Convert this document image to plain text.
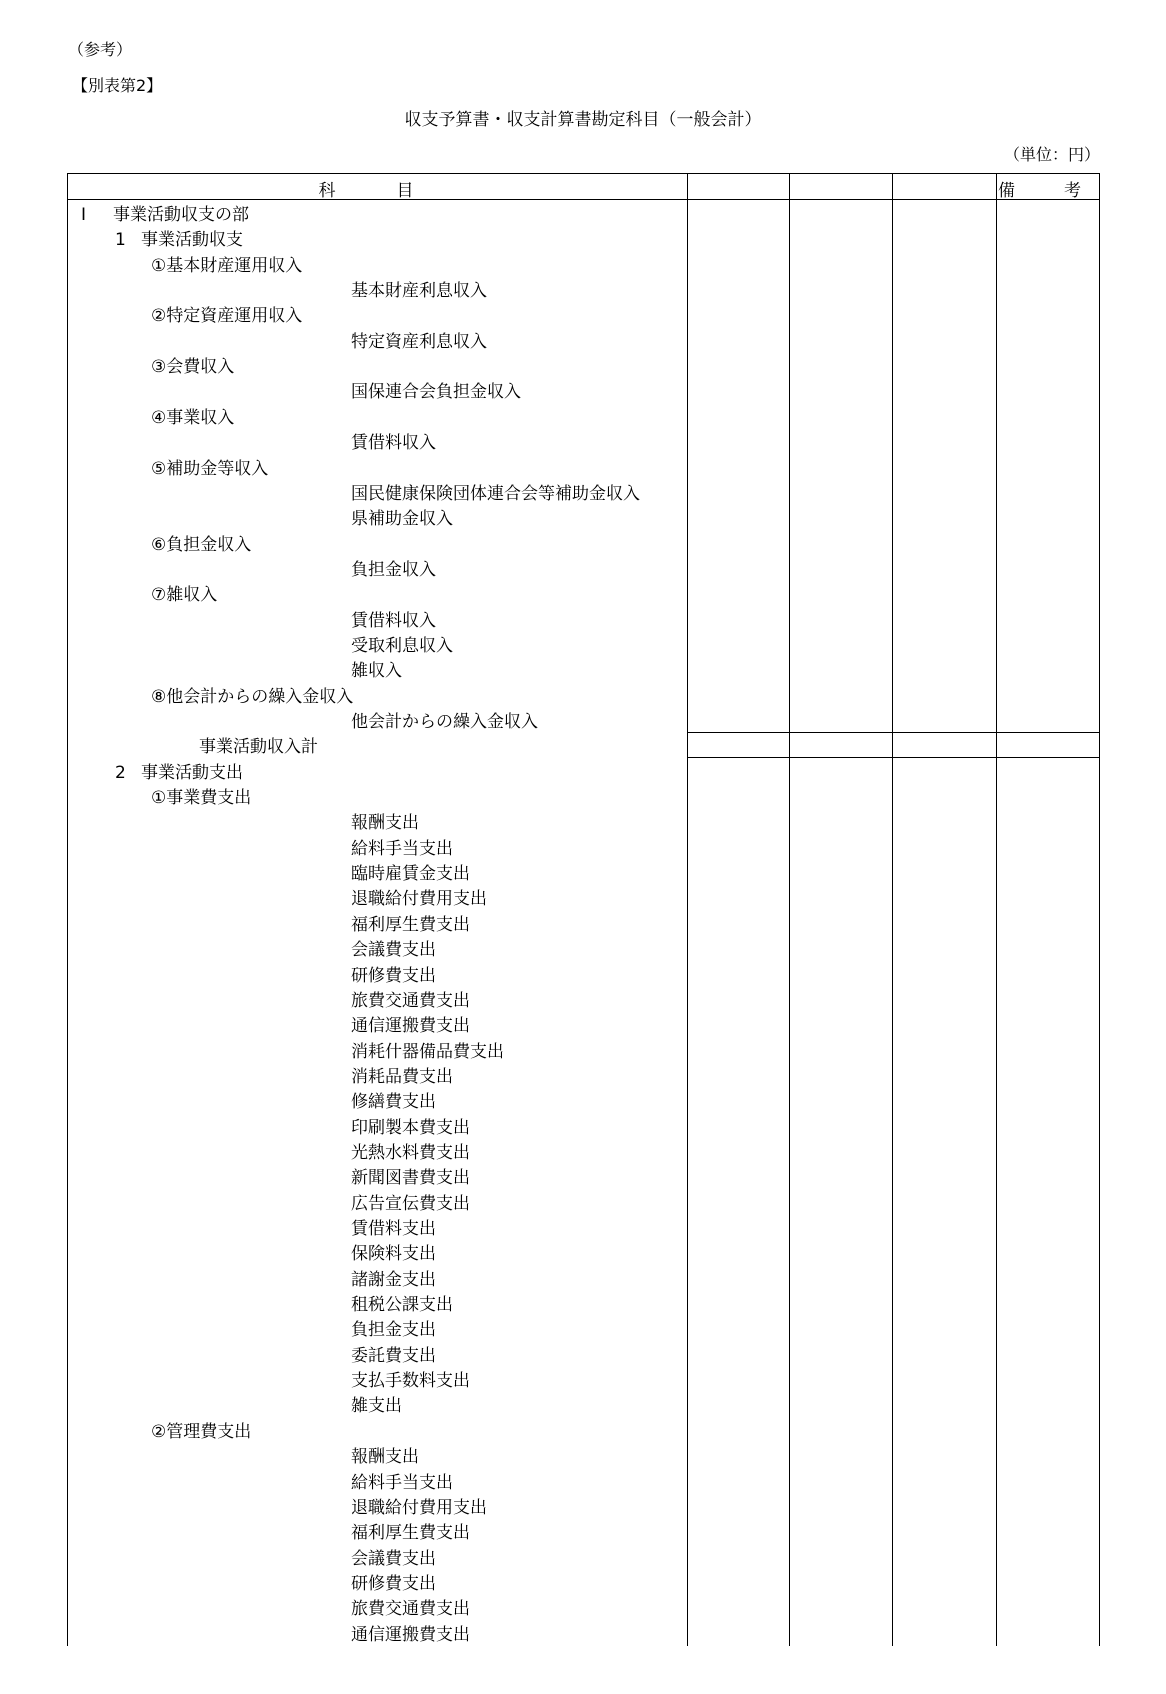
（参考）
【別表第2】
収支予算書・収支計算書勘定科目（一般会計）
（単位：円）
科　目	備　考
Ⅰ 事業活動収支の部
1 事業活動収支
①基本財産運用収入
基本財産利息収入
②特定資産運用収入
特定資産利息収入
③会費収入
国保連合会負担金収入
④事業収入
賃借料収入
⑤補助金等収入
国民健康保険団体連合会等補助金収入
県補助金収入
⑥負担金収入
負担金収入
⑦雑収入
賃借料収入
受取利息収入
雑収入
⑧他会計からの繰入金収入
他会計からの繰入金収入
事業活動収入計
2 事業活動支出
①事業費支出
報酬支出
給料手当支出
臨時雇賃金支出
退職給付費用支出
福利厚生費支出
会議費支出
研修費支出
旅費交通費支出
通信運搬費支出
消耗什器備品費支出
消耗品費支出
修繕費支出
印刷製本費支出
光熱水料費支出
新聞図書費支出
広告宣伝費支出
賃借料支出
保険料支出
諸謝金支出
租税公課支出
負担金支出
委託費支出
支払手数料支出
雑支出
②管理費支出
報酬支出
給料手当支出
退職給付費用支出
福利厚生費支出
会議費支出
研修費支出
旅費交通費支出
通信運搬費支出
